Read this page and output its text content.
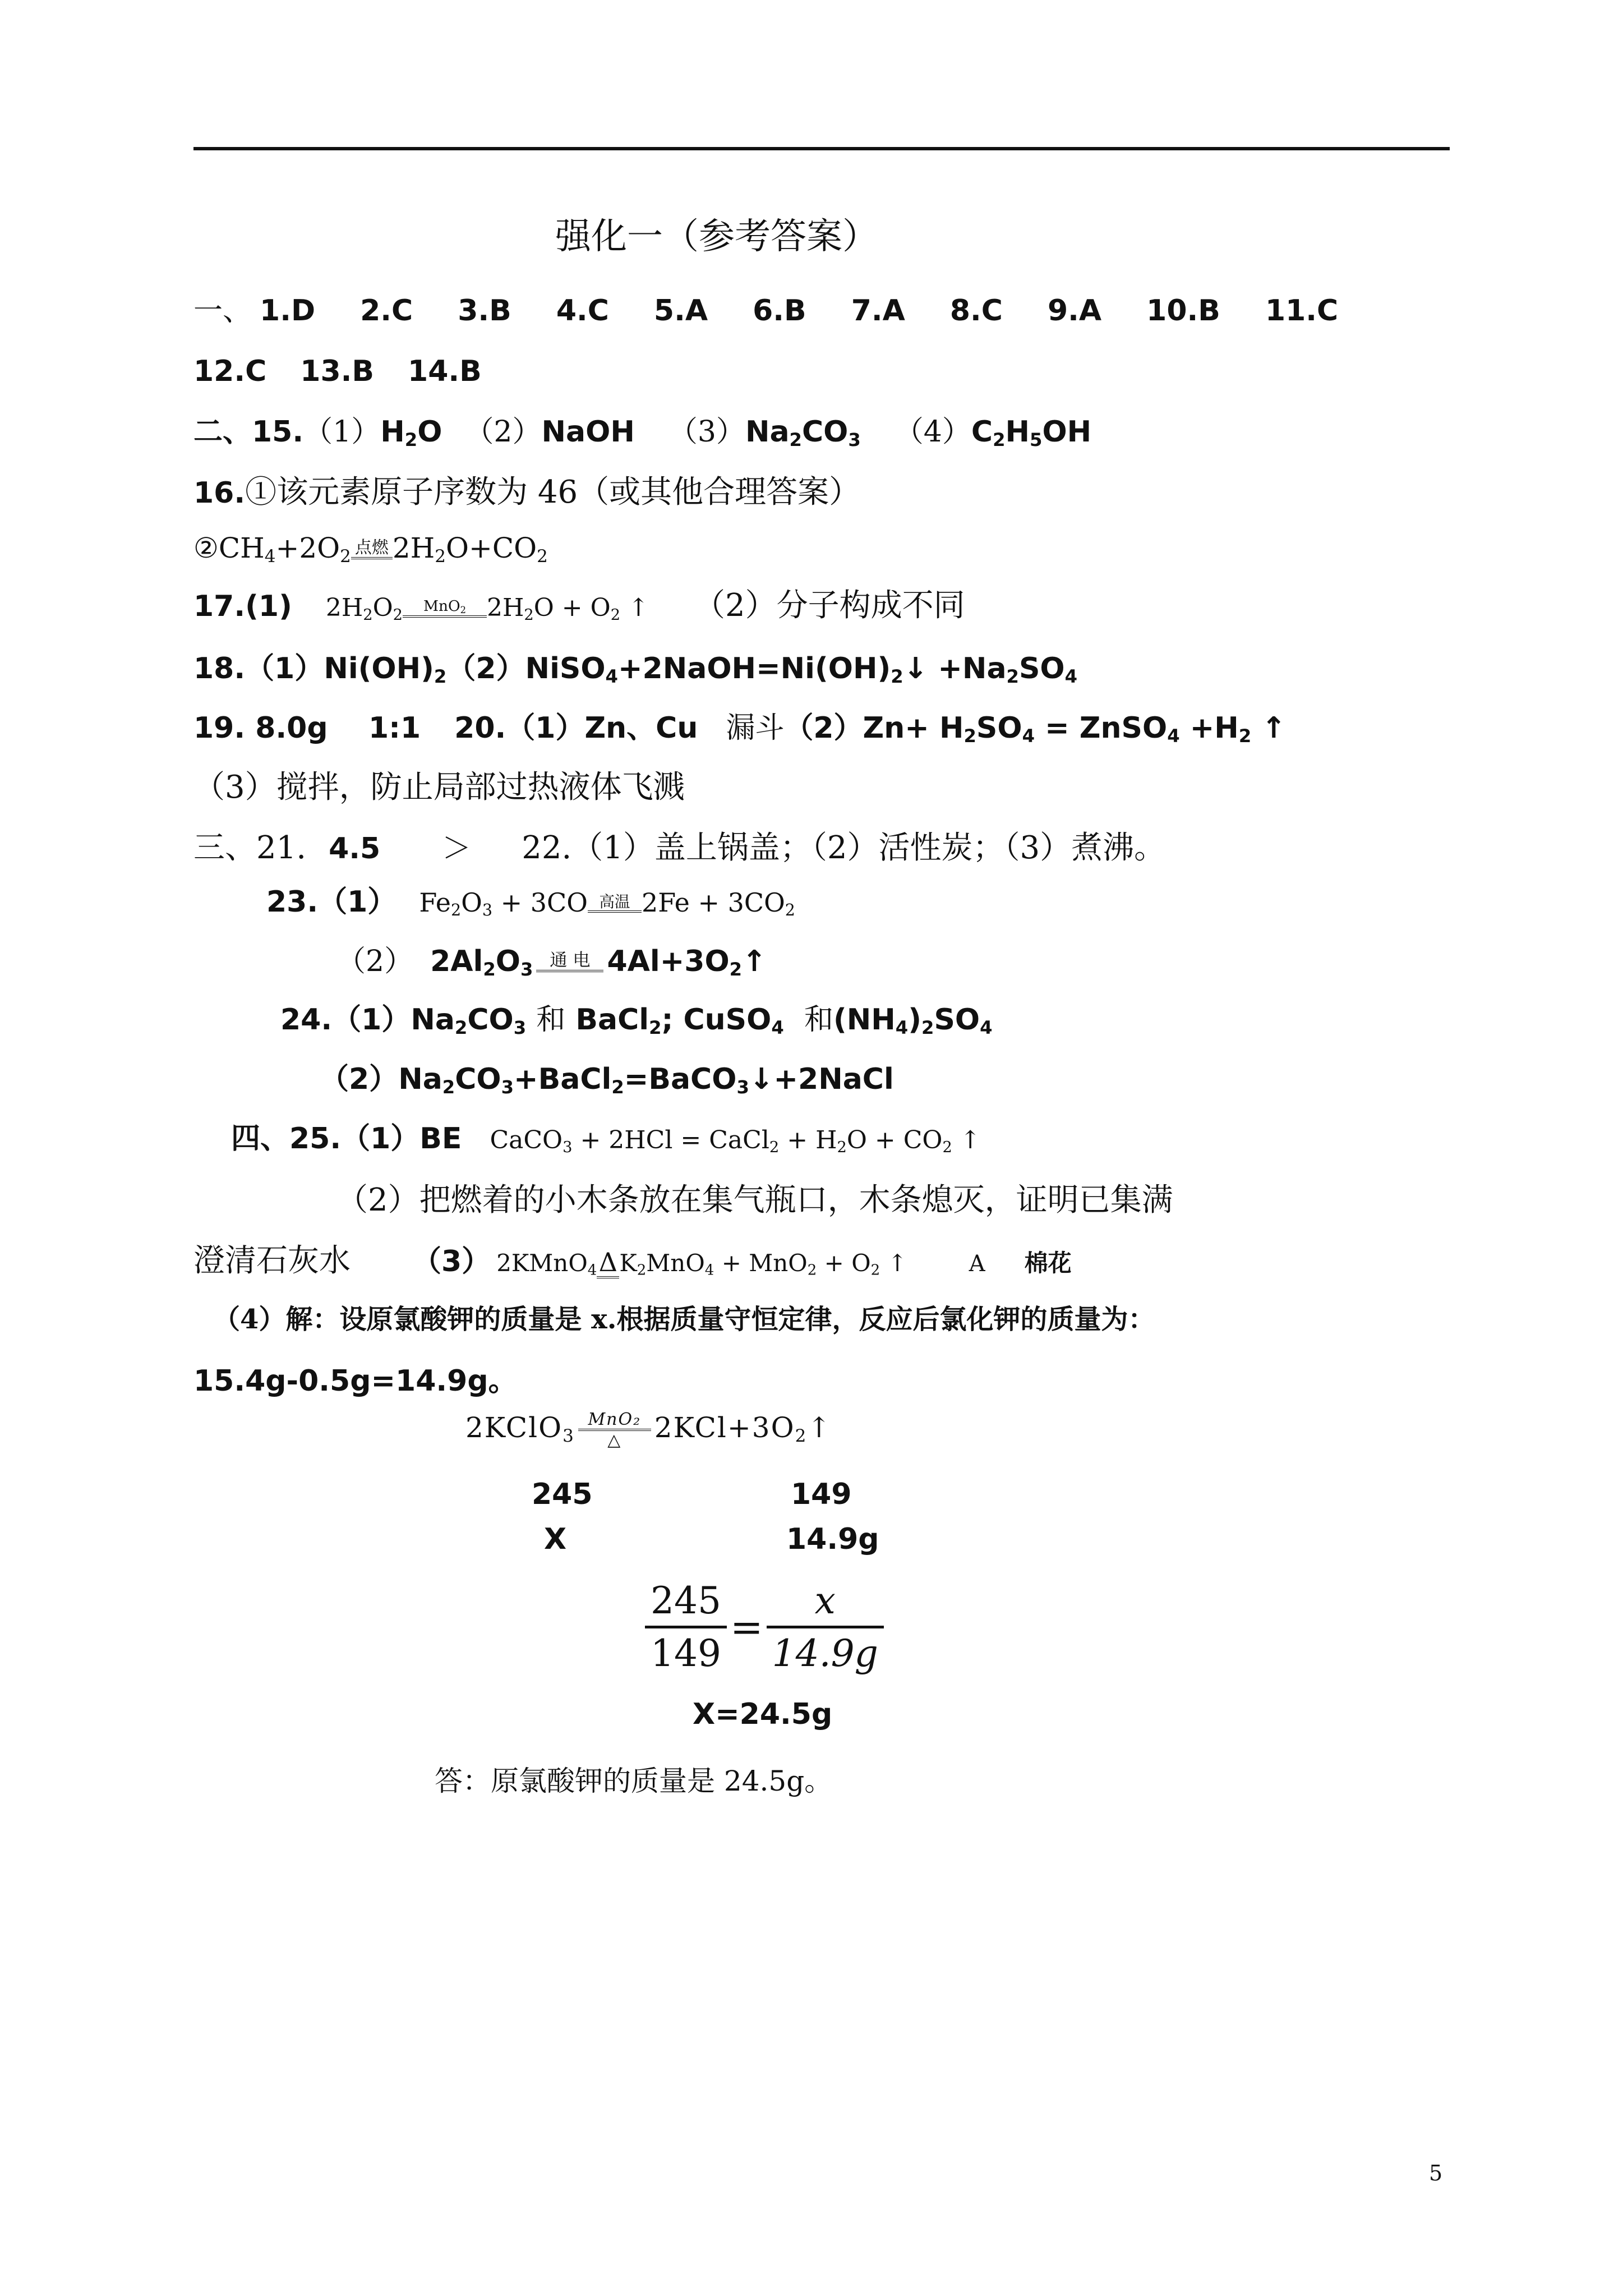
强化一（参考答案）
一、 1.D 2.C 3.B 4.C 5.A 6.B 7.A 8.C 9.A 10.B 11.C
12.C 13.B 14.B
二、$15.(1)H_2O$ （2）NaOH $(3)Na_2CO_3$ $(4)C_2H_5OH$
16.①该元素原子序数为 46（或其他合理答案）
$②CH_4+2O_2$ 点燃 $2H_2O+CO_2$
17.(1) $2H_2O_2$
MnO$_2$ $2H_2O + O_2$ ↑ （2）分子构成不同
$18.(1)Ni(OH)_2(2)NiSO_4+2NaOH=Ni(OH)_2↓ +Na_2SO_4$
19. 8.0g    1:1 20.（1）Zn、Cu 漏斗$(2)Zn+ H_2SO_4$ = ZnSO$_4$ $+H_2$ ↑
（3）搅拌，防止局部过热液体飞溅
三、21. 4.5 ＞ 22.（1）盖上锅盖；（2）活性炭；（3）煮沸。
23.（1） $Fe_2O_3 + 3CO$ 高温 $2Fe + 3CO_2$
（2） $2Al_2O_3$ 通 电 $4Al+3O_2↑$
$24.(1)Na_2CO_3$ 和 BaCl$_2$; CuSO$_4$ 和$(NH_4)_2SO_4$
$(2)Na_2CO_3+BaCl_2=BaCO_3↓+2NaCl$
四、25.（1）BE CaCO$_3$ + 2HCl = CaCl$_2$ + $H_2O + CO_2$ ↑
（2）把燃着的小木条放在集气瓶口，木条熄灭，证明已集满
澄清石灰水 （3） 2KMnO$_4$ Δ $K_2MnO_4 + MnO_2 + O_2$ ↑	A 棉花
（4）解：设原氯酸钾的质量是 x.根据质量守恒定律，反应后氯化钾的质量为：
15.4g-0.5g=14.9g。
2KClO$_3$
MnO₂
△	$2KCl+3O_2↑$
245	149
X	14.9g
$\frac{245}{149} = \frac{x}{14.9g}$
X=24.5g
答：原氯酸钾的质量是 24.5g。
5
